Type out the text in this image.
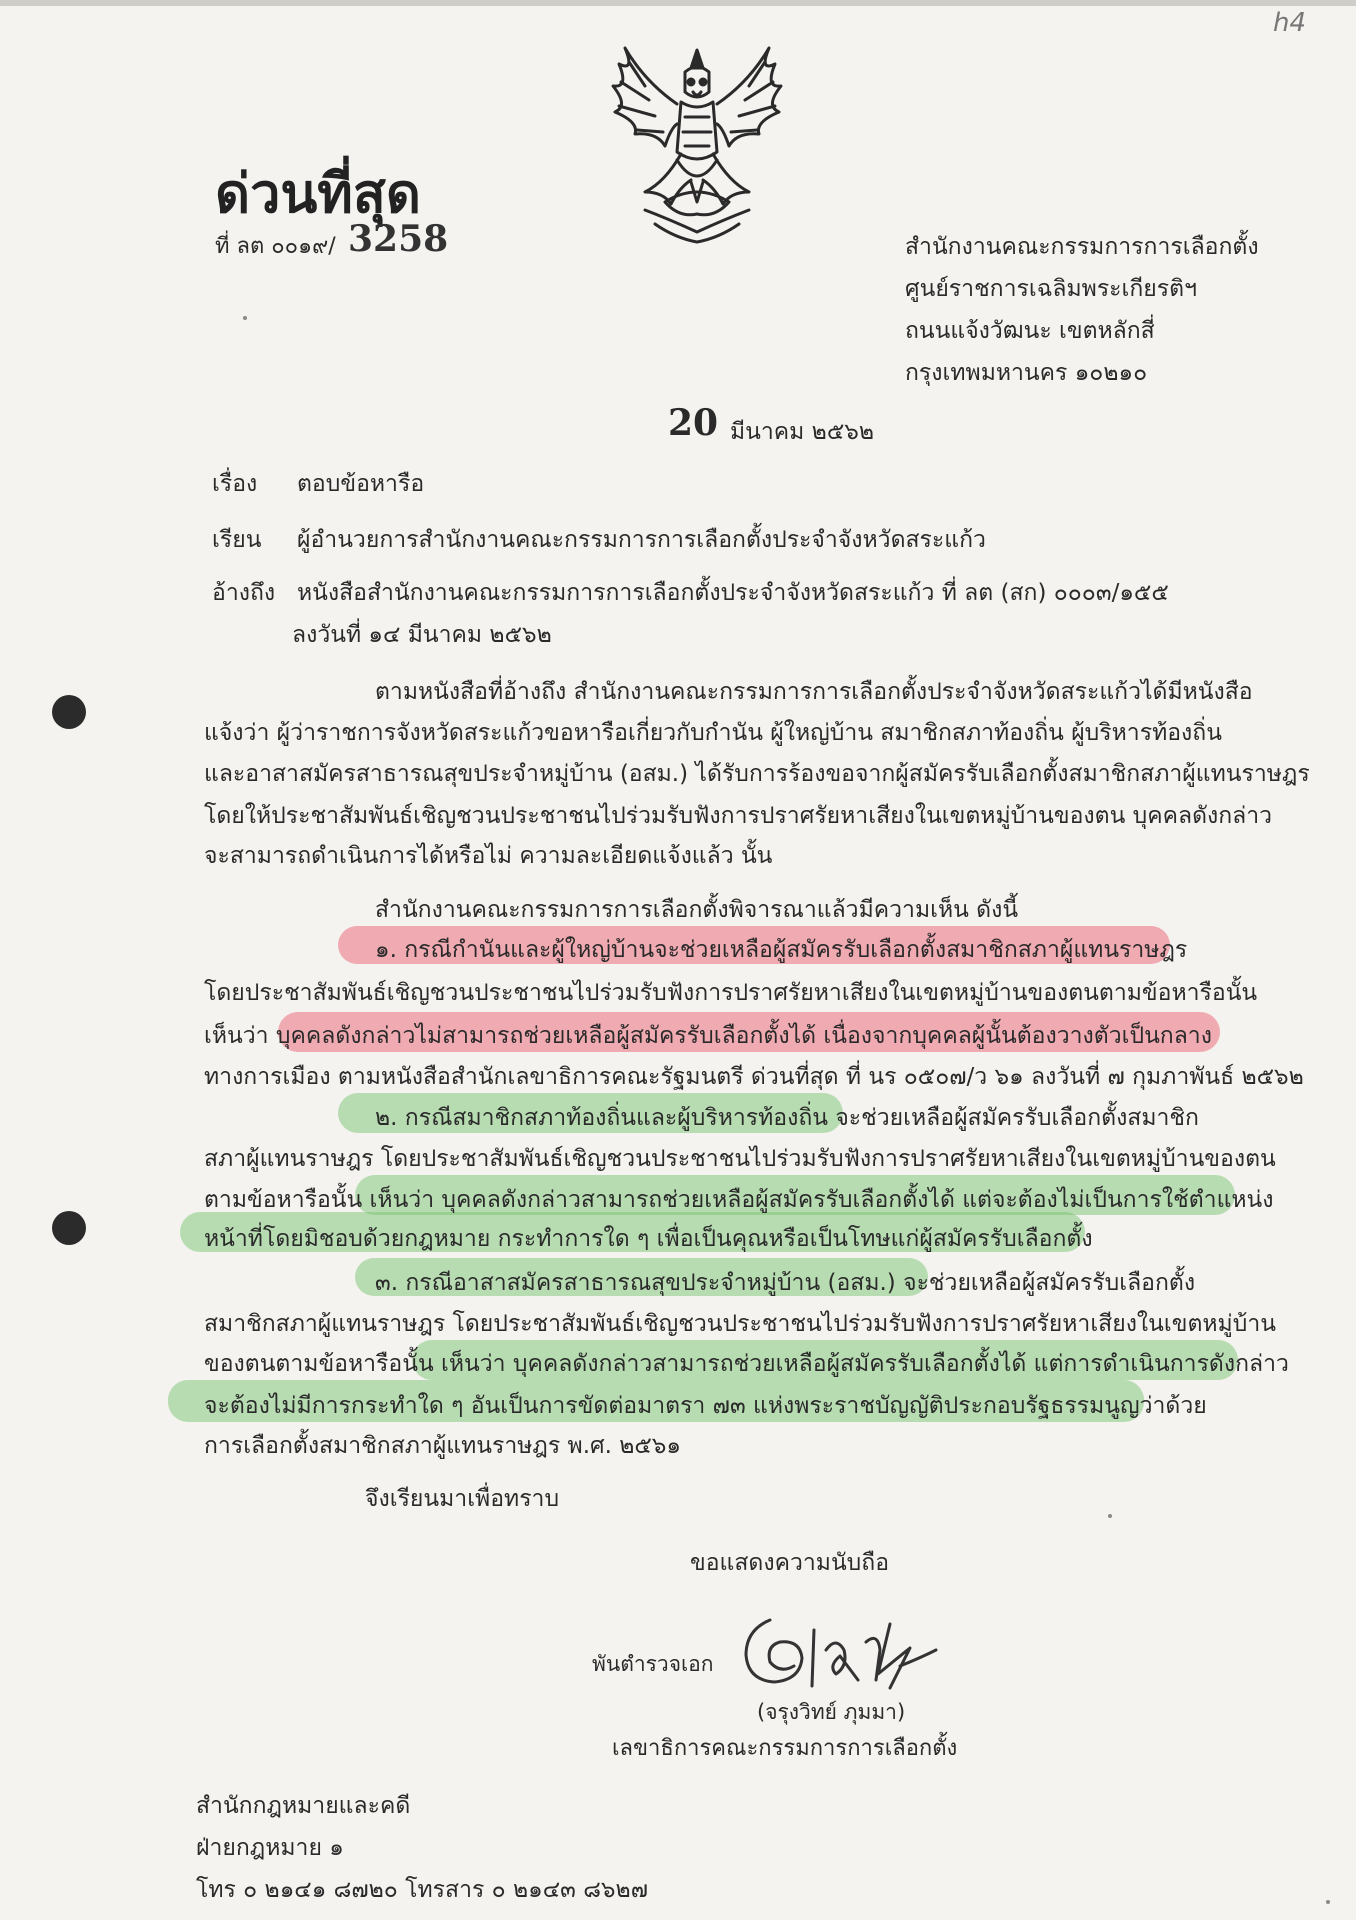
h4
ด่วนที่สุด
ที่ ลต ๐๐๑๙/ 3258	สำนักงานคณะกรรมการการเลือกตั้ง
ศูนย์ราชการเฉลิมพระเกียรติฯ
ถนนแจ้งวัฒนะ เขตหลักสี่
กรุงเทพมหานคร ๑๐๒๑๐
20 มีนาคม ๒๕๖๒
เรื่อง ตอบข้อหารือ
เรียน ผู้อำนวยการสำนักงานคณะกรรมการการเลือกตั้งประจำจังหวัดสระแก้ว
อ้างถึง หนังสือสำนักงานคณะกรรมการการเลือกตั้งประจำจังหวัดสระแก้ว ที่ ลต (สก) ๐๐๐๓/๑๕๕
ลงวันที่ ๑๔ มีนาคม ๒๕๖๒
ตามหนังสือที่อ้างถึง สำนักงานคณะกรรมการการเลือกตั้งประจำจังหวัดสระแก้วได้มีหนังสือ
แจ้งว่า ผู้ว่าราชการจังหวัดสระแก้วขอหารือเกี่ยวกับกำนัน ผู้ใหญ่บ้าน สมาชิกสภาท้องถิ่น ผู้บริหารท้องถิ่น
และอาสาสมัครสาธารณสุขประจำหมู่บ้าน (อสม.) ได้รับการร้องขอจากผู้สมัครรับเลือกตั้งสมาชิกสภาผู้แทนราษฎร
โดยให้ประชาสัมพันธ์เชิญชวนประชาชนไปร่วมรับฟังการปราศรัยหาเสียงในเขตหมู่บ้านของตน บุคคลดังกล่าว
จะสามารถดำเนินการได้หรือไม่ ความละเอียดแจ้งแล้ว นั้น
สำนักงานคณะกรรมการการเลือกตั้งพิจารณาแล้วมีความเห็น ดังนี้
๑. กรณีกำนันและผู้ใหญ่บ้านจะช่วยเหลือผู้สมัครรับเลือกตั้งสมาชิกสภาผู้แทนราษฎร
โดยประชาสัมพันธ์เชิญชวนประชาชนไปร่วมรับฟังการปราศรัยหาเสียงในเขตหมู่บ้านของตนตามข้อหารือนั้น
เห็นว่า บุคคลดังกล่าวไม่สามารถช่วยเหลือผู้สมัครรับเลือกตั้งได้ เนื่องจากบุคคลผู้นั้นต้องวางตัวเป็นกลาง
ทางการเมือง ตามหนังสือสำนักเลขาธิการคณะรัฐมนตรี ด่วนที่สุด ที่ นร ๐๕๐๗/ว ๖๑ ลงวันที่ ๗ กุมภาพันธ์ ๒๕๖๒
๒. กรณีสมาชิกสภาท้องถิ่นและผู้บริหารท้องถิ่น จะช่วยเหลือผู้สมัครรับเลือกตั้งสมาชิก
สภาผู้แทนราษฎร โดยประชาสัมพันธ์เชิญชวนประชาชนไปร่วมรับฟังการปราศรัยหาเสียงในเขตหมู่บ้านของตน
ตามข้อหารือนั้น เห็นว่า บุคคลดังกล่าวสามารถช่วยเหลือผู้สมัครรับเลือกตั้งได้ แต่จะต้องไม่เป็นการใช้ตำแหน่ง
หน้าที่โดยมิชอบด้วยกฎหมาย กระทำการใด ๆ เพื่อเป็นคุณหรือเป็นโทษแก่ผู้สมัครรับเลือกตั้ง
๓. กรณีอาสาสมัครสาธารณสุขประจำหมู่บ้าน (อสม.) จะช่วยเหลือผู้สมัครรับเลือกตั้ง
สมาชิกสภาผู้แทนราษฎร โดยประชาสัมพันธ์เชิญชวนประชาชนไปร่วมรับฟังการปราศรัยหาเสียงในเขตหมู่บ้าน
ของตนตามข้อหารือนั้น เห็นว่า บุคคลดังกล่าวสามารถช่วยเหลือผู้สมัครรับเลือกตั้งได้ แต่การดำเนินการดังกล่าว
จะต้องไม่มีการกระทำใด ๆ อันเป็นการขัดต่อมาตรา ๗๓ แห่งพระราชบัญญัติประกอบรัฐธรรมนูญว่าด้วย
การเลือกตั้งสมาชิกสภาผู้แทนราษฎร พ.ศ. ๒๕๖๑
จึงเรียนมาเพื่อทราบ
ขอแสดงความนับถือ
พันตำรวจเอก
(จรุงวิทย์ ภุมมา)
เลขาธิการคณะกรรมการการเลือกตั้ง
สำนักกฎหมายและคดี
ฝ่ายกฎหมาย ๑
โทร ๐ ๒๑๔๑ ๘๗๒๐ โทรสาร ๐ ๒๑๔๓ ๘๖๒๗
